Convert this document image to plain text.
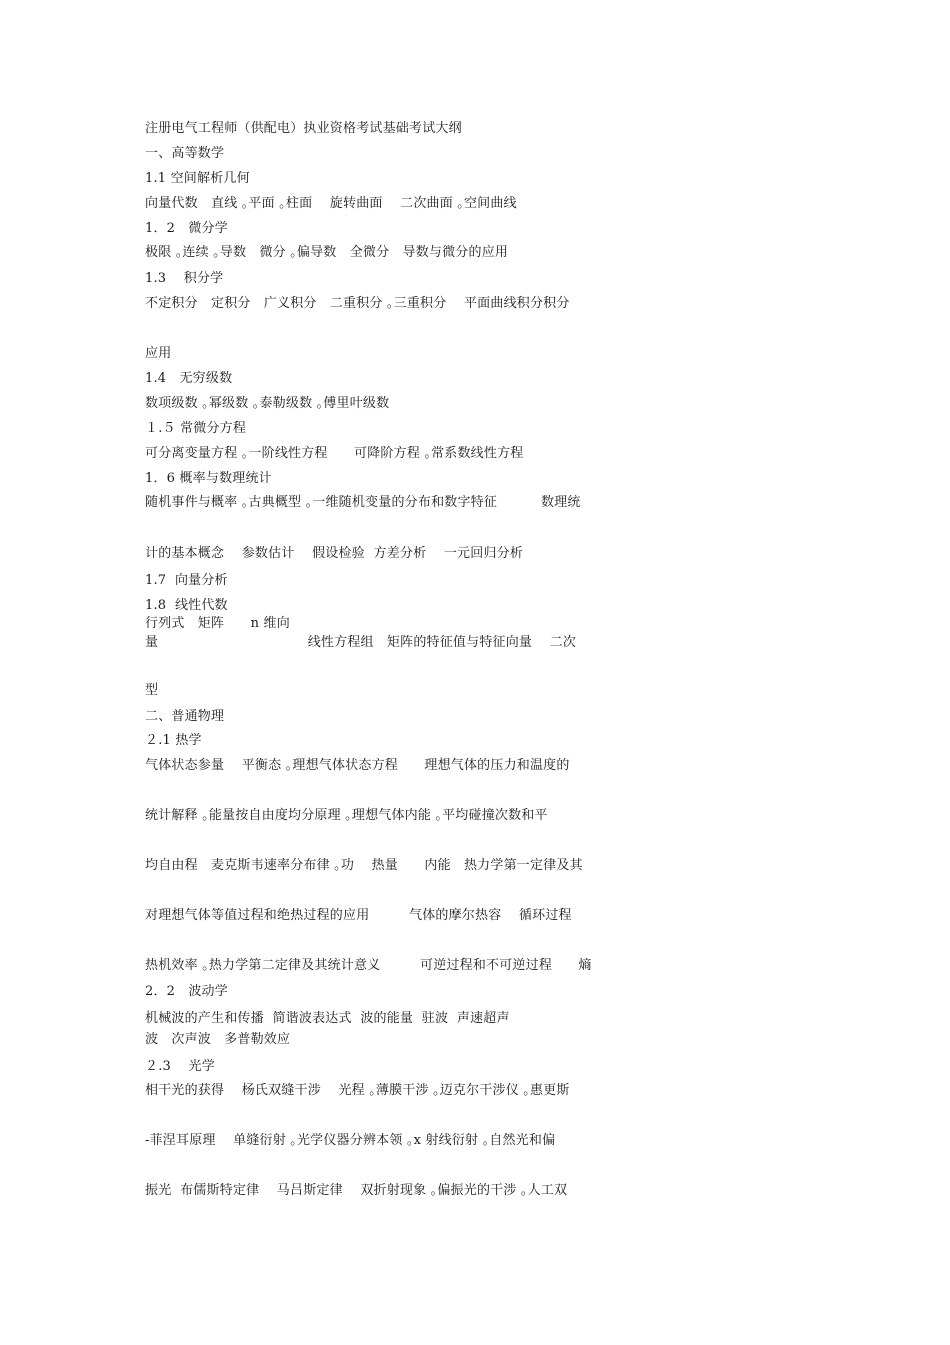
注册电气工程师（供配电）执业资格考试基础考试大纲
一、高等数学
1.1 空间解析几何
向量代数　直线 ｡平面 ｡柱面　 旋转曲面　 二次曲面 ｡空间曲线
1．2　微分学
极限 ｡连续 ｡导数　微分 ｡偏导数　全微分　导数与微分的应用
1.3　 积分学
不定积分　定积分　广义积分　二重积分 ｡三重积分　 平面曲线积分积分
应用
1.4　无穷级数
数项级数 ｡幂级数 ｡泰勒级数 ｡傅里叶级数
１.５ 常微分方程
可分离变量方程 ｡一阶线性方程　　可降阶方程 ｡常系数线性方程
1．6 概率与数理统计
随机事件与概率 ｡古典概型 ｡一维随机变量的分布和数字特征　　　 数理统
计的基本概念　 参数估计　 假设检验  方差分析　 一元回归分析
1.7  向量分析
1.8  线性代数
行列式　矩阵　　n 维向
量　　　　　　　　　　　 线性方程组　矩阵的特征值与特征向量　 二次
型
二、普通物理
２.1 热学
气体状态参量　 平衡态 ｡理想气体状态方程　　理想气体的压力和温度的
统计解释 ｡能量按自由度均分原理 ｡理想气体内能 ｡平均碰撞次数和平
均自由程　麦克斯韦速率分布律 ｡功　 热量　　内能　热力学第一定律及其
对理想气体等值过程和绝热过程的应用　　　气体的摩尔热容　 循环过程
热机效率 ｡热力学第二定律及其统计意义　　　可逆过程和不可逆过程　　熵
2．2　波动学
机械波的产生和传播  简谐波表达式  波的能量  驻波  声速超声
波　次声波　多普勒效应
２.3　 光学
相干光的获得　 杨氏双缝干涉　 光程 ｡薄膜干涉 ｡迈克尔干涉仪 ｡惠更斯
-菲涅耳原理　 单缝衍射 ｡光学仪器分辨本领 ｡x 射线衍射 ｡自然光和偏
振光  布儒斯特定律　 马吕斯定律　 双折射现象 ｡偏振光的干涉 ｡人工双
